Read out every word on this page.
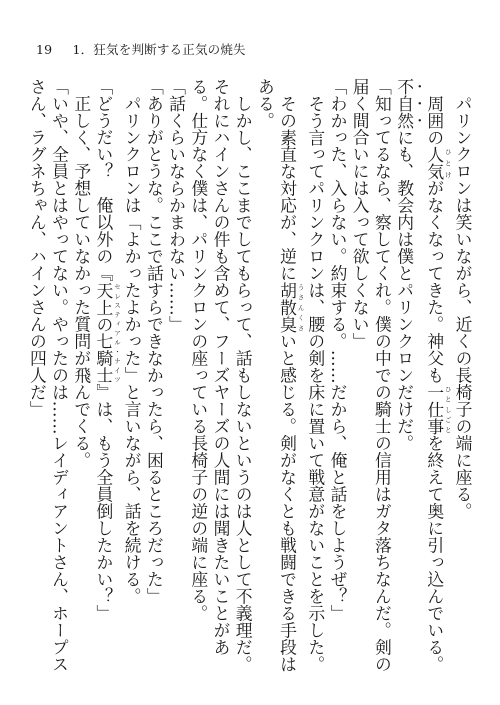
19 1．狂気を判断する正気の焼失

パリンクロンは笑いながら、近くの長椅子の端に座る。

周囲の人気 ひとけがなくなってきた。神父も一仕事 ひとしごとを終えて奥に引っ込んでいる。不自然にも、教会内は僕とパリンクロンだけだ。

「知ってるなら、察してくれ。僕の中での騎士の信用はガタ落ちなんだ。剣の届く間合いには入って欲しくない」

「わかった、入らない。約束する。……だから、俺と話をしようぜ？」

そう言ってパリンクロンは、腰の剣を床に置いて戦意がないことを示した。

その素直な対応が、逆に胡散臭 うさんくさいと感じる。剣がなくとも戦闘できる手段はある。

しかし、ここまでしてもらって、話もしないというのは人として不義理だ。それにハインさんの件も含めて、フーズヤーズの人間には聞きたいことがある。仕方なく僕は、パリンクロンの座っている長椅子の逆の端に座る。

「話くらいならかまわない……」

「ありがとうな。ここで話すらできなかったら、困るところだった」

パリンクロンは「よかったよかった」と言いながら、話を続ける。

「どうだい？　俺以外の『天上の七騎士 セレスティアル・ナイツ』は、もう全員倒したかい？」

正しく、予想していなかった質問が飛んでくる。

「いや、全員とはやってない。やったのは……レイディアントさん、ホープスさん、ラグネちゃん、ハインさんの四人だ」
